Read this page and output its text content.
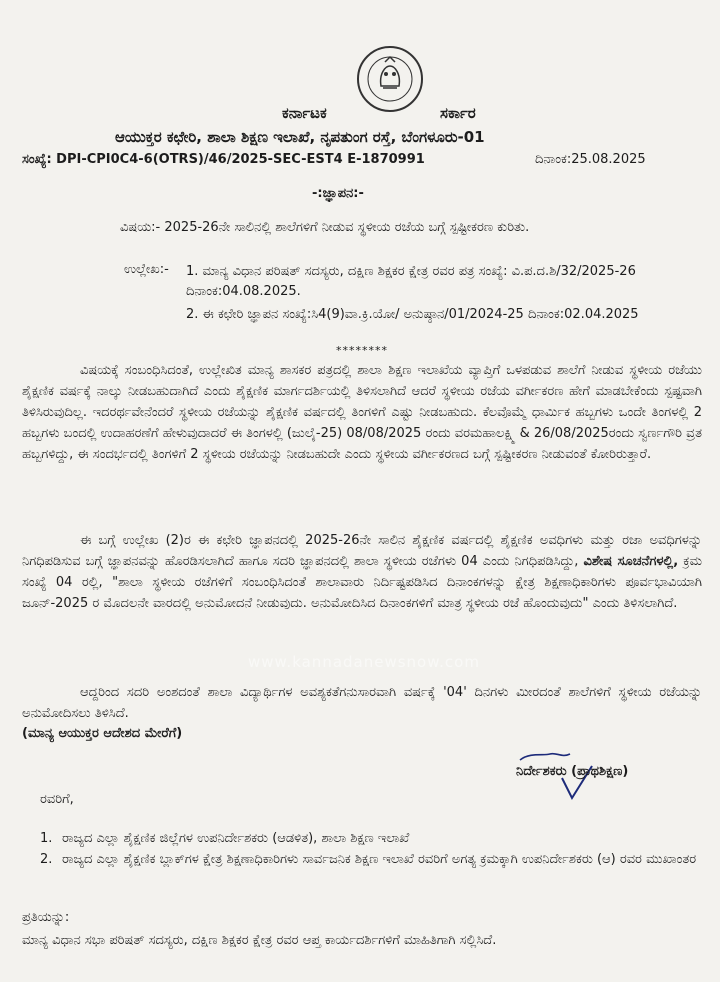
ಕರ್ನಾಟಕ	ಸರ್ಕಾರ
ಆಯುಕ್ತರ ಕಛೇರಿ, ಶಾಲಾ ಶಿಕ್ಷಣ ಇಲಾಖೆ, ನೃಪತುಂಗ ರಸ್ತೆ, ಬೆಂಗಳೂರು-01
ಸಂಖ್ಯೆ: DPI-CPI0C4-6(OTRS)/46/2025-SEC-EST4 E-1870991	ದಿನಾಂಕ:25.08.2025
-:ಜ್ಞಾಪನ:-
ವಿಷಯ:- 2025-26ನೇ ಸಾಲಿನಲ್ಲಿ ಶಾಲೆಗಳಿಗೆ ನೀಡುವ ಸ್ಥಳೀಯ ರಜೆಯ ಬಗ್ಗೆ ಸ್ಪಷ್ಟೀಕರಣ ಕುರಿತು.
ಉಲ್ಲೇಖ:- 1. ಮಾನ್ಯ ವಿಧಾನ ಪರಿಷತ್ ಸದಸ್ಯರು, ದಕ್ಷಿಣ ಶಿಕ್ಷಕರ ಕ್ಷೇತ್ರ ರವರ ಪತ್ರ ಸಂಖ್ಯೆ: ವಿ.ಪ.ದ.ಶಿ/32/2025-26 ದಿನಾಂಕ:04.08.2025.
2. ಈ ಕಛೇರಿ ಜ್ಞಾಪನ ಸಂಖ್ಯೆ:ಸಿ4(9)ವಾ.ಕ್ರಿ.ಯೋ/ ಅನುಷ್ಠಾನ/01/2024-25 ದಿನಾಂಕ:02.04.2025
********
ವಿಷಯಕ್ಕೆ ಸಂಬಂಧಿಸಿದಂತೆ, ಉಲ್ಲೇಖಿತ ಮಾನ್ಯ ಶಾಸಕರ ಪತ್ರದಲ್ಲಿ ಶಾಲಾ ಶಿಕ್ಷಣ ಇಲಾಖೆಯ ವ್ಯಾಪ್ತಿಗೆ ಒಳಪಡುವ ಶಾಲೆಗೆ ನೀಡುವ ಸ್ಥಳೀಯ ರಜೆಯು ಶೈಕ್ಷಣಿಕ ವರ್ಷಕ್ಕೆ ನಾಲ್ಕು ನೀಡಬಹುದಾಗಿದೆ ಎಂದು ಶೈಕ್ಷಣಿಕ ಮಾರ್ಗದರ್ಶಿಯಲ್ಲಿ ತಿಳಿಸಲಾಗಿದೆ ಆದರೆ ಸ್ಥಳೀಯ ರಜೆಯ ವರ್ಗೀಕರಣ ಹೇಗೆ ಮಾಡಬೇಕೆಂದು ಸ್ಪಷ್ಟವಾಗಿ ತಿಳಿಸಿರುವುದಿಲ್ಲ. ಇದರರ್ಥವೇನೆಂದರೆ ಸ್ಥಳೀಯ ರಜೆಯನ್ನು ಶೈಕ್ಷಣಿಕ ವರ್ಷದಲ್ಲಿ ತಿಂಗಳಿಗೆ ಎಷ್ಟು ನೀಡಬಹುದು. ಕೆಲವೊಮ್ಮೆ ಧಾರ್ಮಿಕ ಹಬ್ಬಗಳು ಒಂದೇ ತಿಂಗಳಲ್ಲಿ 2 ಹಬ್ಬಗಳು ಬಂದಲ್ಲಿ ಉದಾಹರಣೆಗೆ ಹೇಳುವುದಾದರೆ ಈ ತಿಂಗಳಲ್ಲಿ (ಜುಲೈ-25) 08/08/2025 ರಂದು ವರಮಹಾಲಕ್ಷ್ಮಿ & 26/08/2025ರಂದು ಸ್ವರ್ಣಗೌರಿ ವ್ರತ ಹಬ್ಬಗಳಿದ್ದು, ಈ ಸಂದರ್ಭದಲ್ಲಿ ತಿಂಗಳಿಗೆ 2 ಸ್ಥಳೀಯ ರಜೆಯನ್ನು ನೀಡಬಹುದೇ ಎಂದು ಸ್ಥಳೀಯ ವರ್ಗೀಕರಣದ ಬಗ್ಗೆ ಸ್ಪಷ್ಟೀಕರಣ ನೀಡುವಂತೆ ಕೋರಿರುತ್ತಾರೆ.
ಈ ಬಗ್ಗೆ ಉಲ್ಲೇಖ (2)ರ ಈ ಕಛೇರಿ ಜ್ಞಾಪನದಲ್ಲಿ 2025-26ನೇ ಸಾಲಿನ ಶೈಕ್ಷಣಿಕ ವರ್ಷದಲ್ಲಿ ಶೈಕ್ಷಣಿಕ ಅವಧಿಗಳು ಮತ್ತು ರಜಾ ಅವಧಿಗಳನ್ನು ನಿಗಧಿಪಡಿಸುವ ಬಗ್ಗೆ ಜ್ಞಾಪನವನ್ನು ಹೊರಡಿಸಲಾಗಿದೆ ಹಾಗೂ ಸದರಿ ಜ್ಞಾಪನದಲ್ಲಿ ಶಾಲಾ ಸ್ಥಳೀಯ ರಜೆಗಳು 04 ಎಂದು ನಿಗಧಿಪಡಿಸಿದ್ದು, ವಿಶೇಷ ಸೂಚನೆಗಳಲ್ಲಿ, ಕ್ರಮ ಸಂಖ್ಯೆ 04 ರಲ್ಲಿ, "ಶಾಲಾ ಸ್ಥಳೀಯ ರಜೆಗಳಿಗೆ ಸಂಬಂಧಿಸಿದಂತೆ ಶಾಲಾವಾರು ನಿರ್ದಿಷ್ಟಪಡಿಸಿದ ದಿನಾಂಕಗಳನ್ನು ಕ್ಷೇತ್ರ ಶಿಕ್ಷಣಾಧಿಕಾರಿಗಳು ಪೂರ್ವಭಾವಿಯಾಗಿ ಜೂನ್-2025 ರ ಮೊದಲನೇ ವಾರದಲ್ಲಿ ಅನುಮೋದನೆ ನೀಡುವುದು. ಅನುಮೋದಿಸಿದ ದಿನಾಂಕಗಳಿಗೆ ಮಾತ್ರ ಸ್ಥಳೀಯ ರಜೆ ಹೊಂದುವುದು" ಎಂದು ತಿಳಿಸಲಾಗಿದೆ.
www.kannadanewsnow.com
ಆದ್ದರಿಂದ ಸದರಿ ಅಂಶದಂತೆ ಶಾಲಾ ವಿದ್ಯಾರ್ಥಿಗಳ ಅವಶ್ಯಕತೆಗನುಸಾರವಾಗಿ ವರ್ಷಕ್ಕೆ '04' ದಿನಗಳು ಮೀರದಂತೆ ಶಾಲೆಗಳಿಗೆ ಸ್ಥಳೀಯ ರಜೆಯನ್ನು ಅನುಮೋದಿಸಲು ತಿಳಿಸಿದೆ.
(ಮಾನ್ಯ ಆಯುಕ್ತರ ಆದೇಶದ ಮೇರೆಗೆ)
ನಿರ್ದೇಶಕರು (ಪ್ರಾಥಶಿಕ್ಷಣ)
ರವರಿಗೆ,
1. ರಾಜ್ಯದ ಎಲ್ಲಾ ಶೈಕ್ಷಣಿಕ ಜಿಲ್ಲೆಗಳ ಉಪನಿರ್ದೇಶಕರು (ಆಡಳಿತ), ಶಾಲಾ ಶಿಕ್ಷಣ ಇಲಾಖೆ
2. ರಾಜ್ಯದ ಎಲ್ಲಾ ಶೈಕ್ಷಣಿಕ ಬ್ಲಾಕ್‌ಗಳ ಕ್ಷೇತ್ರ ಶಿಕ್ಷಣಾಧಿಕಾರಿಗಳು ಸಾರ್ವಜನಿಕ ಶಿಕ್ಷಣ ಇಲಾಖೆ ರವರಿಗೆ ಅಗತ್ಯ ಕ್ರಮಕ್ಕಾಗಿ ಉಪನಿರ್ದೇಶಕರು (ಆ) ರವರ ಮುಖಾಂತರ
ಪ್ರತಿಯನ್ನು:
ಮಾನ್ಯ ವಿಧಾನ ಸಭಾ ಪರಿಷತ್ ಸದಸ್ಯರು, ದಕ್ಷಿಣ ಶಿಕ್ಷಕರ ಕ್ಷೇತ್ರ ರವರ ಆಪ್ತ ಕಾರ್ಯದರ್ಶಿಗಳಿಗೆ ಮಾಹಿತಿಗಾಗಿ ಸಲ್ಲಿಸಿದೆ.
